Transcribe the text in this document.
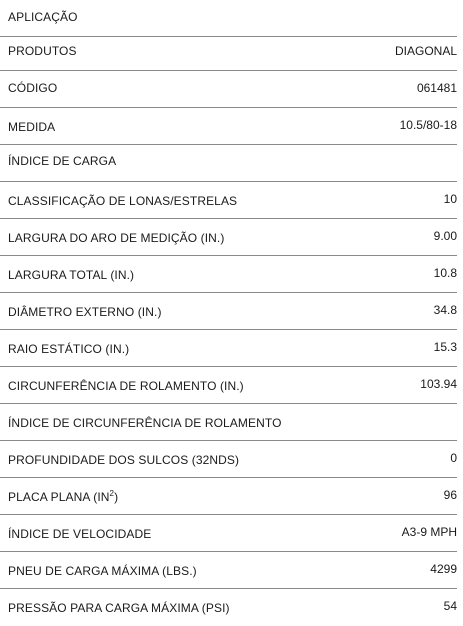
APLICAÇÃO
PRODUTOS	DIAGONAL
CÓDIGO	061481
MEDIDA	10.5/80-18
ÍNDICE DE CARGA
CLASSIFICAÇÃO DE LONAS/ESTRELAS	10
LARGURA DO ARO DE MEDIÇÃO (IN.)	9.00
LARGURA TOTAL (IN.)	10.8
DIÂMETRO EXTERNO (IN.)	34.8
RAIO ESTÁTICO (IN.)	15.3
CIRCUNFERÊNCIA DE ROLAMENTO (IN.)	103.94
ÍNDICE DE CIRCUNFERÊNCIA DE ROLAMENTO
PROFUNDIDADE DOS SULCOS (32NDS)	0
PLACA PLANA $(IN^2)$	96
ÍNDICE DE VELOCIDADE	A3-9 MPH
PNEU DE CARGA MÁXIMA (LBS.)	4299
PRESSÃO PARA CARGA MÁXIMA (PSI)	54
